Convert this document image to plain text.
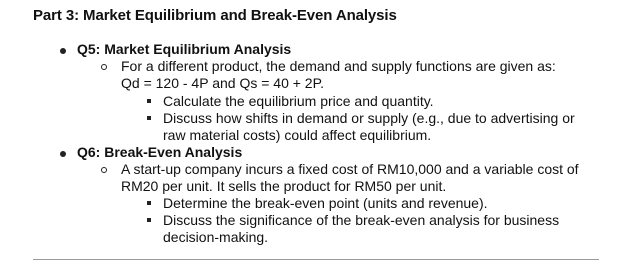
Part 3: Market Equilibrium and Break-Even Analysis
Q5: Market Equilibrium Analysis
For a different product, the demand and supply functions are given as:
Qd = 120 - 4P and Qs = 40 + 2P.
Calculate the equilibrium price and quantity.
Discuss how shifts in demand or supply (e.g., due to advertising or
raw material costs) could affect equilibrium.
Q6: Break-Even Analysis
A start-up company incurs a fixed cost of RM10,000 and a variable cost of
RM20 per unit. It sells the product for RM50 per unit.
Determine the break-even point (units and revenue).
Discuss the significance of the break-even analysis for business
decision-making.
